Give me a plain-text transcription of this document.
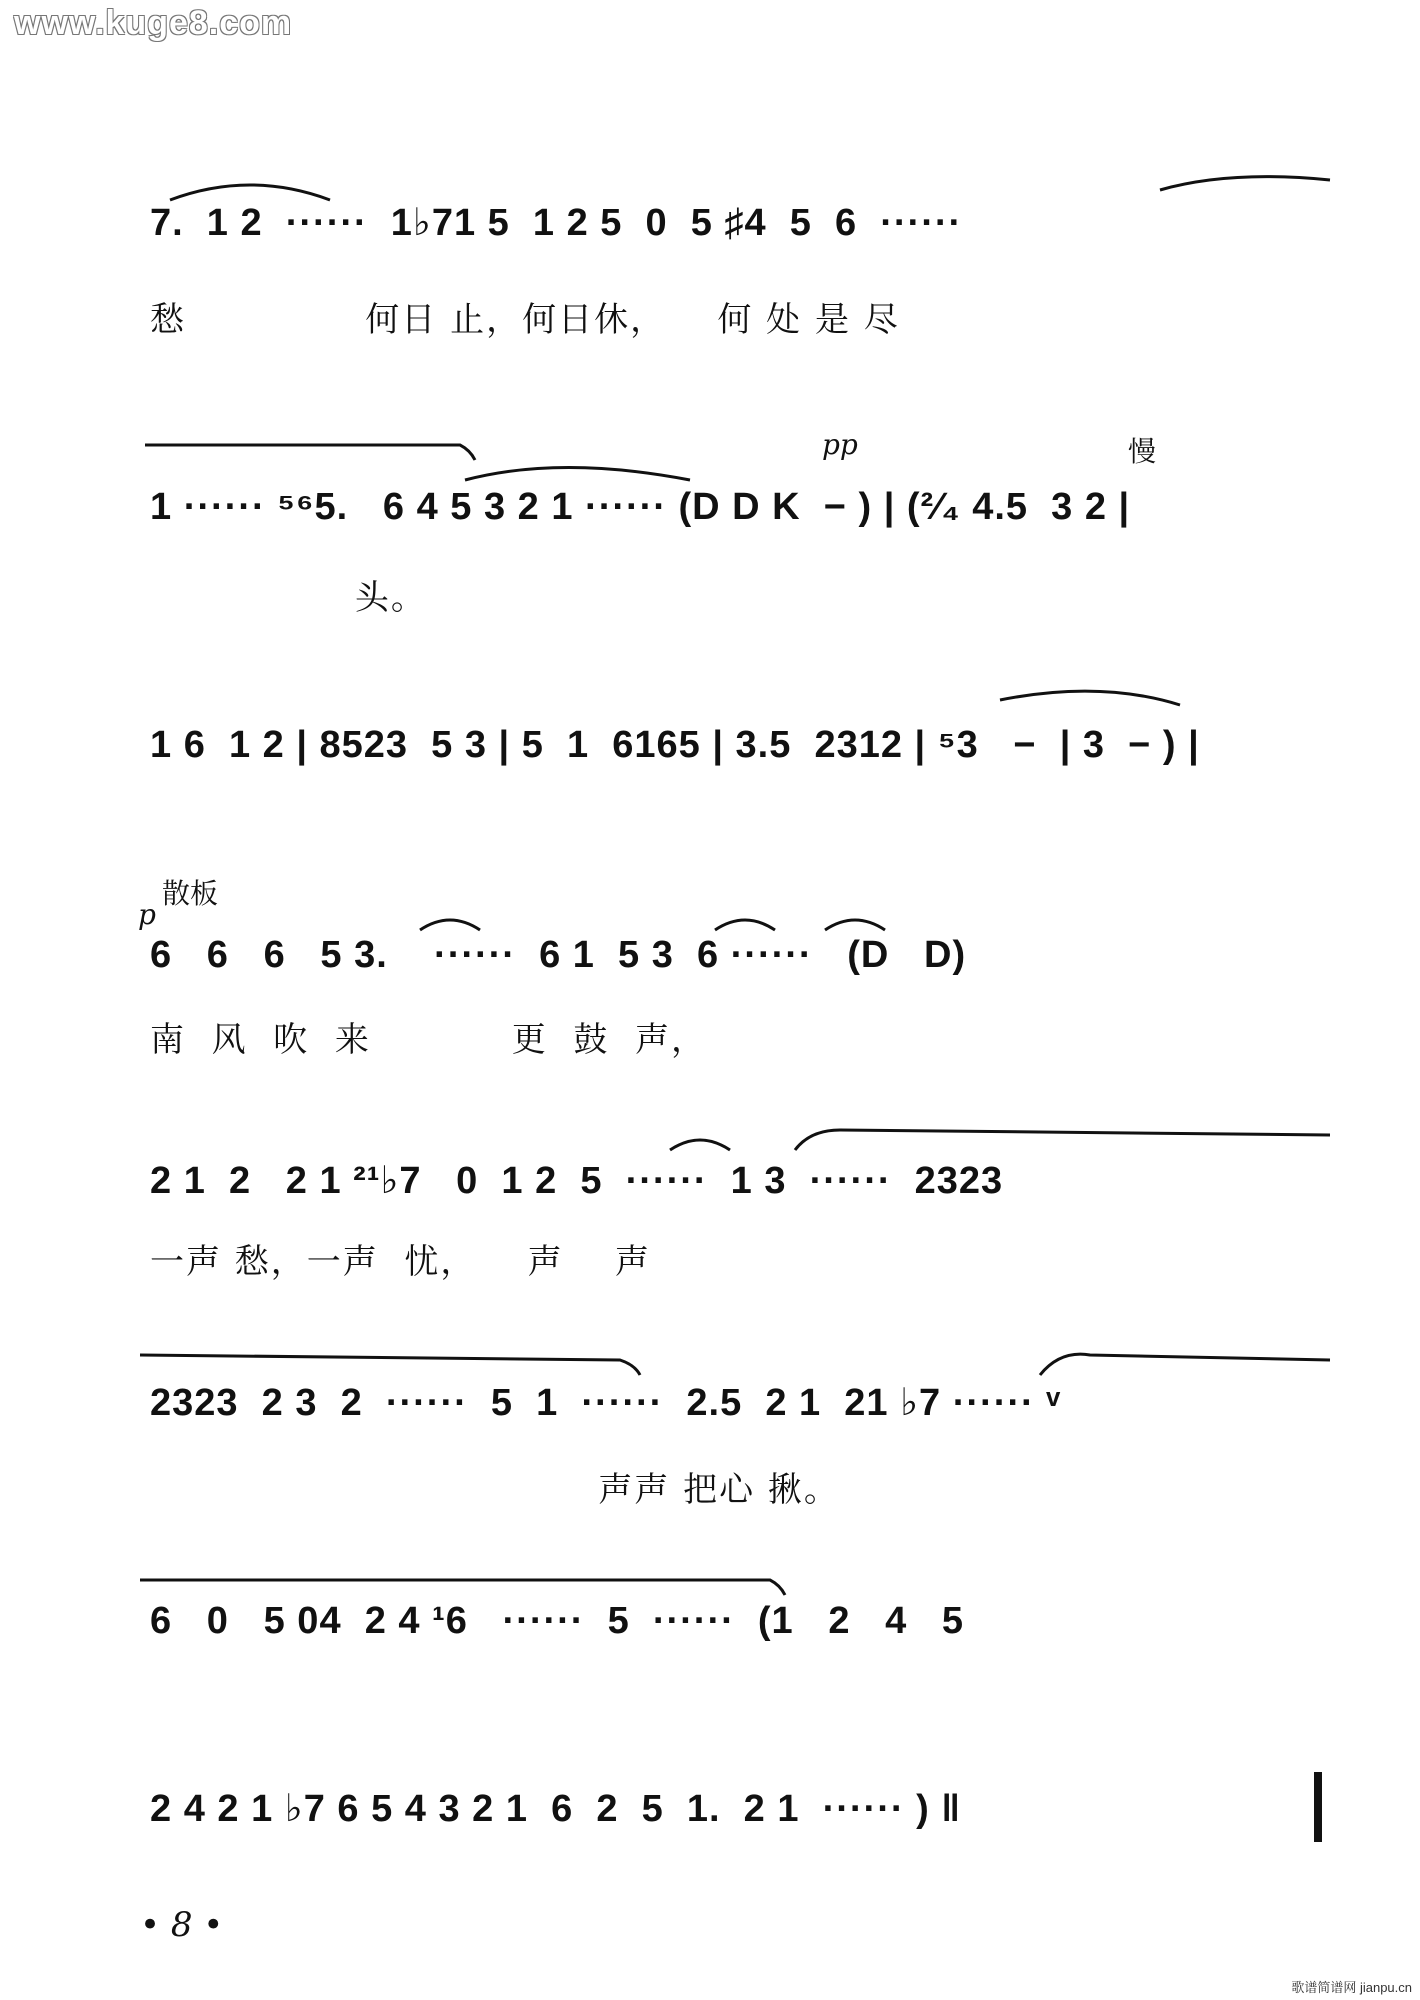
www.kuge8.com
7.  1 2  ······  1♭71 5  1 2 5  0  5 ♯4  5  6  ······
愁              何日 止，何日休，    何 处 是 尽
pp	慢
1 ······ ⁵⁶5.   6 4 5 3 2 1 ······ (D D K  − ) | (²⁄₄ 4.5  3 2 |
头。
1 6  1 2 | 8523  5 3 | 5  1  6165 | 3.5  2312 | ⁵3   −  | 3  − ) |
散板
p
6   6   6   5 3.    ······  6 1  5 3  6 ······   (D   D)
南  风  吹  来           更  鼓  声，
2 1  2   2 1 ²¹♭7   0  1 2  5  ······  1 3  ······  2323
一声 愁，一声  忧，    声    声
2323  2 3  2  ······  5  1  ······  2.5  2 1  21 ♭7 ······ ᵛ
声声 把心 揪。
6   0   5 04  2 4 ¹6   ······  5  ······  (1   2   4   5
2 4 2 1 ♭7 6 5 4 3 2 1  6  2  5  1.  2 1  ······ ) ‖
• 8 •
歌谱简谱网 jianpu.cn
